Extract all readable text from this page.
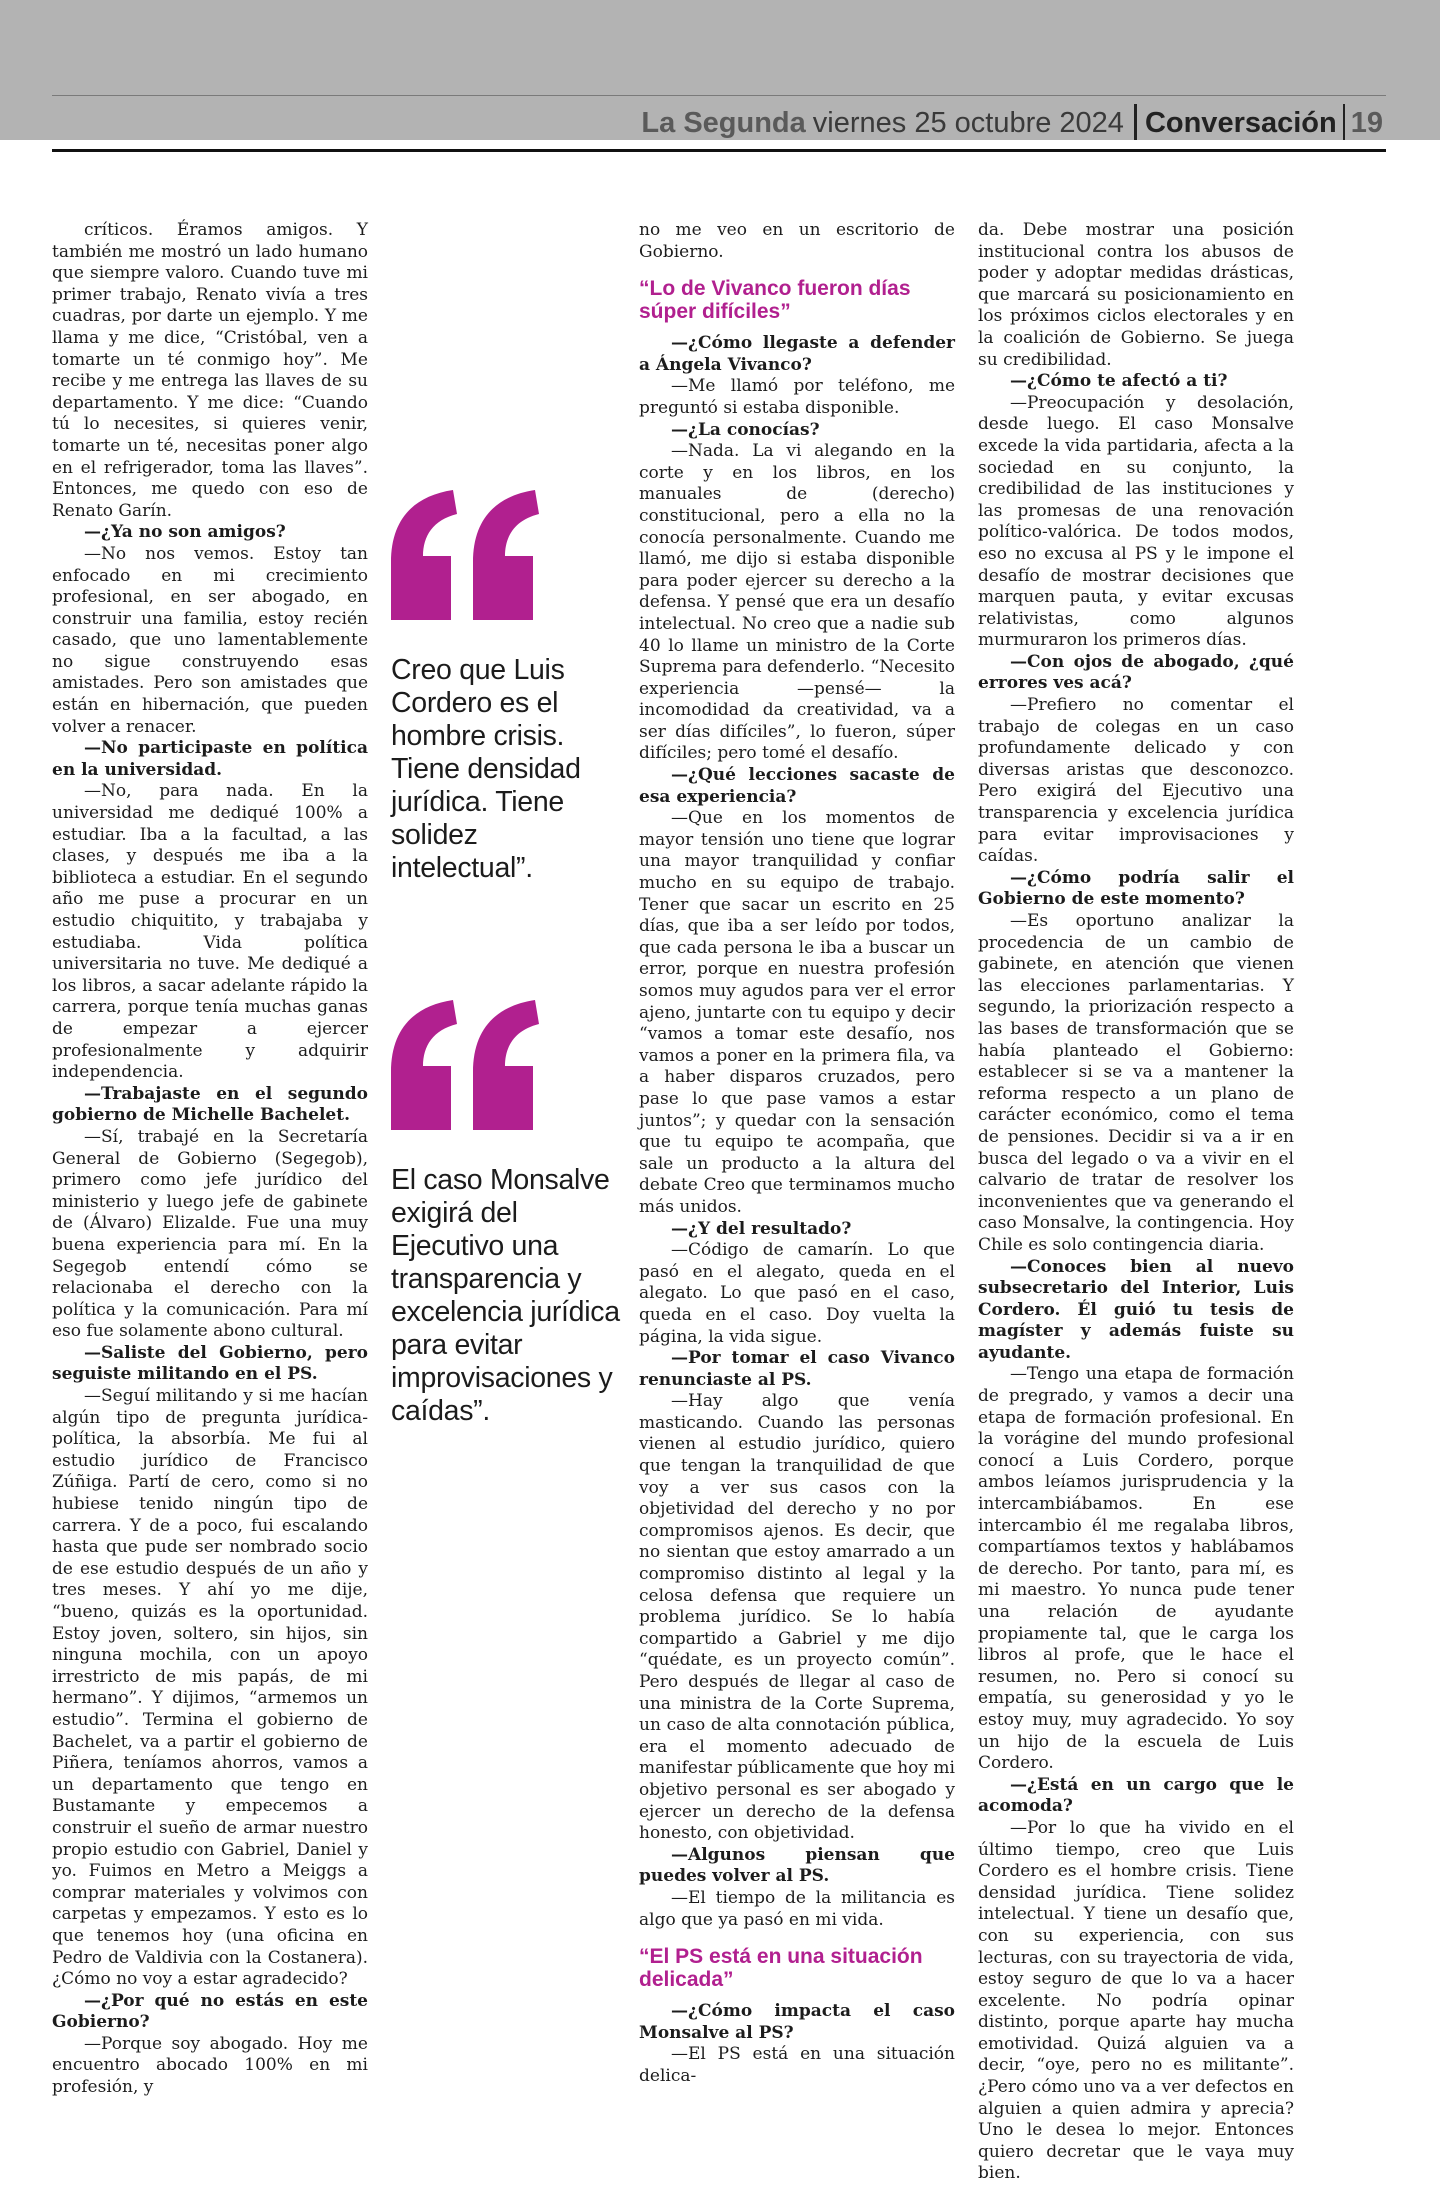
La Segunda viernes 25 octubre 2024 Conversación 19

críticos. Éramos amigos. Y también me mostró un lado humano que siempre valoro. Cuando tuve mi primer trabajo, Renato vivía a tres cuadras, por darte un ejemplo. Y me llama y me dice, “Cristóbal, ven a tomarte un té conmigo hoy”. Me recibe y me entrega las llaves de su departamento. Y me dice: “Cuando tú lo necesites, si quieres venir, tomarte un té, necesitas poner algo en el refrigerador, toma las llaves”. Entonces, me quedo con eso de Renato Garín.

—¿Ya no son amigos?

—No nos vemos. Estoy tan enfocado en mi crecimiento profesional, en ser abogado, en construir una familia, estoy recién casado, que uno lamentablemente no sigue construyendo esas amistades. Pero son amistades que están en hibernación, que pueden volver a renacer.

—No participaste en política en la universidad.

—No, para nada. En la universidad me dediqué 100% a estudiar. Iba a la facultad, a las clases, y después me iba a la biblioteca a estudiar. En el segundo año me puse a procurar en un estudio chiquitito, y trabajaba y estudiaba. Vida política universitaria no tuve. Me dediqué a los libros, a sacar adelante rápido la carrera, porque tenía muchas ganas de empezar a ejercer profesionalmente y adquirir independencia.

—Trabajaste en el segundo gobierno de Michelle Bachelet.

—Sí, trabajé en la Secretaría General de Gobierno (Segegob), primero como jefe jurídico del ministerio y luego jefe de gabinete de (Álvaro) Elizalde. Fue una muy buena experiencia para mí. En la Segegob entendí cómo se relacionaba el derecho con la política y la comunicación. Para mí eso fue solamente abono cultural.

—Saliste del Gobierno, pero seguiste militando en el PS.

—Seguí militando y si me hacían algún tipo de pregunta jurídica-política, la absorbía. Me fui al estudio jurídico de Francisco Zúñiga. Partí de cero, como si no hubiese tenido ningún tipo de carrera. Y de a poco, fui escalando hasta que pude ser nombrado socio de ese estudio después de un año y tres meses. Y ahí yo me dije, “bueno, quizás es la oportunidad. Estoy joven, soltero, sin hijos, sin ninguna mochila, con un apoyo irrestricto de mis papás, de mi hermano”. Y dijimos, “armemos un estudio”. Termina el gobierno de Bachelet, va a partir el gobierno de Piñera, teníamos ahorros, vamos a un departamento que tengo en Bustamante y empecemos a construir el sueño de armar nuestro propio estudio con Gabriel, Daniel y yo. Fuimos en Metro a Meiggs a comprar materiales y volvimos con carpetas y empezamos. Y esto es lo que tenemos hoy (una oficina en Pedro de Valdivia con la Costanera). ¿Cómo no voy a estar agradecido?

—¿Por qué no estás en este Gobierno?

—Porque soy abogado. Hoy me encuentro abocado 100% en mi profesión, y

Creo que Luis Cordero es el hombre crisis. Tiene densidad jurídica. Tiene solidez intelectual”.
El caso Monsalve exigirá del Ejecutivo una transparencia y excelencia jurídica para evitar improvisaciones y caídas”.

no me veo en un escritorio de Gobierno.

“Lo de Vivanco fueron días súper difíciles”

—¿Cómo llegaste a defender a Ángela Vivanco?

—Me llamó por teléfono, me preguntó si estaba disponible.

—¿La conocías?

—Nada. La vi alegando en la corte y en los libros, en los manuales de (derecho) constitucional, pero a ella no la conocía personalmente. Cuando me llamó, me dijo si estaba disponible para poder ejercer su derecho a la defensa. Y pensé que era un desafío intelectual. No creo que a nadie sub 40 lo llame un ministro de la Corte Suprema para defenderlo. “Necesito experiencia —pensé— la incomodidad da creatividad, va a ser días difíciles”, lo fueron, súper difíciles; pero tomé el desafío.

—¿Qué lecciones sacaste de esa experiencia?

—Que en los momentos de mayor tensión uno tiene que lograr una mayor tranquilidad y confiar mucho en su equipo de trabajo. Tener que sacar un escrito en 25 días, que iba a ser leído por todos, que cada persona le iba a buscar un error, porque en nuestra profesión somos muy agudos para ver el error ajeno, juntarte con tu equipo y decir “vamos a tomar este desafío, nos vamos a poner en la primera fila, va a haber disparos cruzados, pero pase lo que pase vamos a estar juntos”; y quedar con la sensación que tu equipo te acompaña, que sale un producto a la altura del debate Creo que terminamos mucho más unidos.

—¿Y del resultado?

—Código de camarín. Lo que pasó en el alegato, queda en el alegato. Lo que pasó en el caso, queda en el caso. Doy vuelta la página, la vida sigue.

—Por tomar el caso Vivanco renunciaste al PS.

—Hay algo que venía masticando. Cuando las personas vienen al estudio jurídico, quiero que tengan la tranquilidad de que voy a ver sus casos con la objetividad del derecho y no por compromisos ajenos. Es decir, que no sientan que estoy amarrado a un compromiso distinto al legal y la celosa defensa que requiere un problema jurídico. Se lo había compartido a Gabriel y me dijo “quédate, es un proyecto común”. Pero después de llegar al caso de una ministra de la Corte Suprema, un caso de alta connotación pública, era el momento adecuado de manifestar públicamente que hoy mi objetivo personal es ser abogado y ejercer un derecho de la defensa honesto, con objetividad.

—Algunos piensan que puedes volver al PS.

—El tiempo de la militancia es algo que ya pasó en mi vida.

“El PS está en una situación delicada”

—¿Cómo impacta el caso Monsalve al PS?

—El PS está en una situación delica-

da. Debe mostrar una posición institucional contra los abusos de poder y adoptar medidas drásticas, que marcará su posicionamiento en los próximos ciclos electorales y en la coalición de Gobierno. Se juega su credibilidad.

—¿Cómo te afectó a ti?

—Preocupación y desolación, desde luego. El caso Monsalve excede la vida partidaria, afecta a la sociedad en su conjunto, la credibilidad de las instituciones y las promesas de una renovación político-valórica. De todos modos, eso no excusa al PS y le impone el desafío de mostrar decisiones que marquen pauta, y evitar excusas relativistas, como algunos murmuraron los primeros días.

—Con ojos de abogado, ¿qué errores ves acá?

—Prefiero no comentar el trabajo de colegas en un caso profundamente delicado y con diversas aristas que desconozco. Pero exigirá del Ejecutivo una transparencia y excelencia jurídica para evitar improvisaciones y caídas.

—¿Cómo podría salir el Gobierno de este momento?

—Es oportuno analizar la procedencia de un cambio de gabinete, en atención que vienen las elecciones parlamentarias. Y segundo, la priorización respecto a las bases de transformación que se había planteado el Gobierno: establecer si se va a mantener la reforma respecto a un plano de carácter económico, como el tema de pensiones. Decidir si va a ir en busca del legado o va a vivir en el calvario de tratar de resolver los inconvenientes que va generando el caso Monsalve, la contingencia. Hoy Chile es solo contingencia diaria.

—Conoces bien al nuevo subsecretario del Interior, Luis Cordero. Él guió tu tesis de magíster y además fuiste su ayudante.

—Tengo una etapa de formación de pregrado, y vamos a decir una etapa de formación profesional. En la vorágine del mundo profesional conocí a Luis Cordero, porque ambos leíamos jurisprudencia y la intercambiábamos. En ese intercambio él me regalaba libros, compartíamos textos y hablábamos de derecho. Por tanto, para mí, es mi maestro. Yo nunca pude tener una relación de ayudante propiamente tal, que le carga los libros al profe, que le hace el resumen, no. Pero si conocí su empatía, su generosidad y yo le estoy muy, muy agradecido. Yo soy un hijo de la escuela de Luis Cordero.

—¿Está en un cargo que le acomoda?

—Por lo que ha vivido en el último tiempo, creo que Luis Cordero es el hombre crisis. Tiene densidad jurídica. Tiene solidez intelectual. Y tiene un desafío que, con su experiencia, con sus lecturas, con su trayectoria de vida, estoy seguro de que lo va a hacer excelente. No podría opinar distinto, porque aparte hay mucha emotividad. Quizá alguien va a decir, “oye, pero no es militante”. ¿Pero cómo uno va a ver defectos en alguien a quien admira y aprecia? Uno le desea lo mejor. Entonces quiero decretar que le vaya muy bien.
